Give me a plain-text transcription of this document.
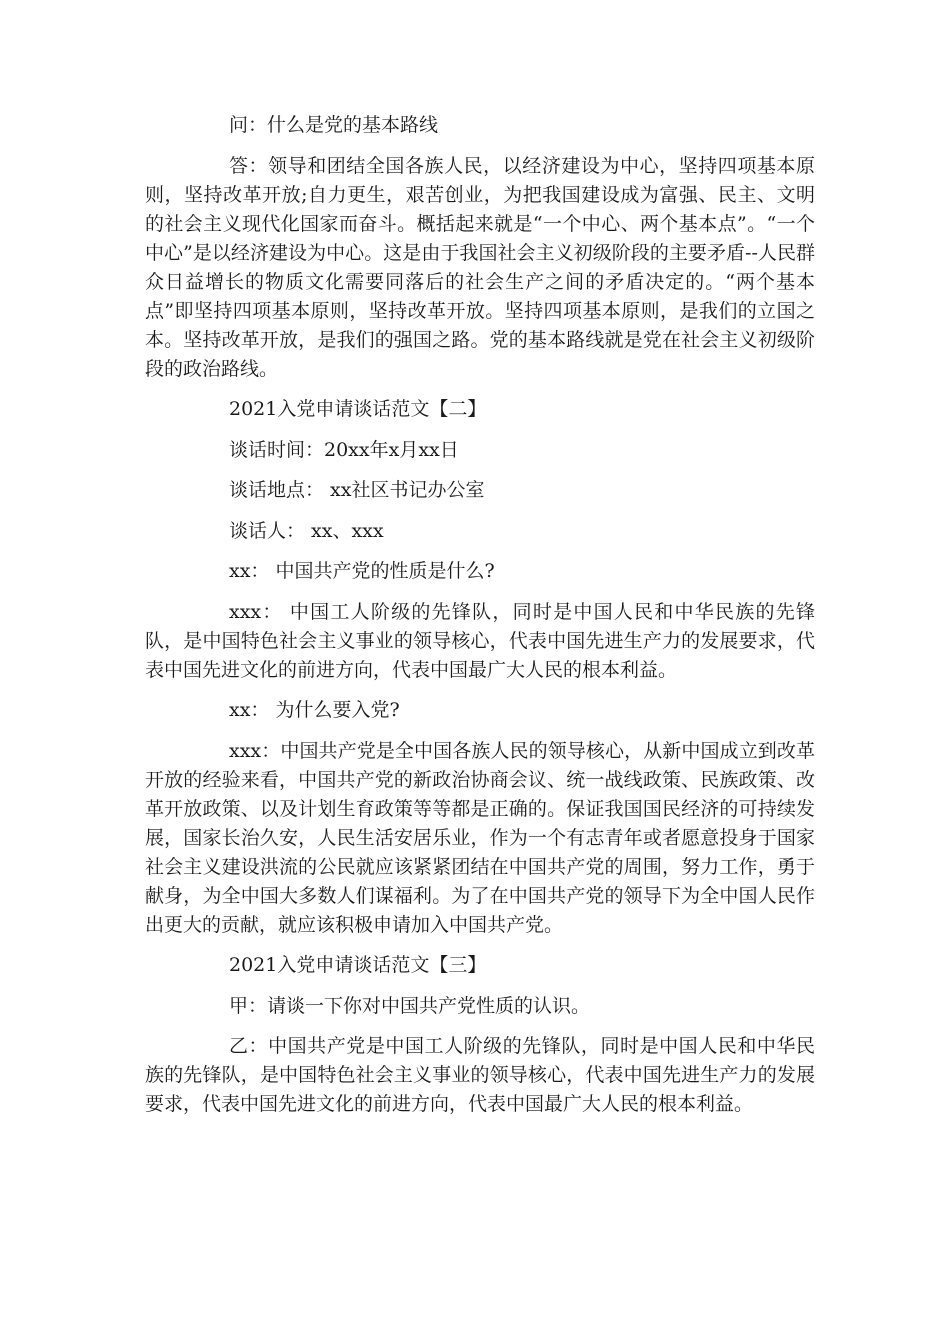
问：什么是党的基本路线

答：领导和团结全国各族人民，以经济建设为中心，坚持四项基本原则，坚持改革开放;自力更生，艰苦创业，为把我国建设成为富强、民主、文明的社会主义现代化国家而奋斗。概括起来就是“一个中心、两个基本点”。“一个中心”是以经济建设为中心。这是由于我国社会主义初级阶段的主要矛盾--人民群众日益增长的物质文化需要同落后的社会生产之间的矛盾决定的。“两个基本点”即坚持四项基本原则，坚持改革开放。坚持四项基本原则，是我们的立国之本。坚持改革开放，是我们的强国之路。党的基本路线就是党在社会主义初级阶段的政治路线。

2021入党申请谈话范文【二】

谈话时间：20xx年x月xx日

谈话地点： xx社区书记办公室

谈话人： xx、xxx

xx： 中国共产党的性质是什么?

xxx： 中国工人阶级的先锋队，同时是中国人民和中华民族的先锋队，是中国特色社会主义事业的领导核心，代表中国先进生产力的发展要求，代表中国先进文化的前进方向，代表中国最广大人民的根本利益。

xx： 为什么要入党?

xxx：中国共产党是全中国各族人民的领导核心，从新中国成立到改革开放的经验来看，中国共产党的新政治协商会议、统一战线政策、民族政策、改革开放政策、以及计划生育政策等等都是正确的。保证我国国民经济的可持续发展，国家长治久安，人民生活安居乐业，作为一个有志青年或者愿意投身于国家社会主义建设洪流的公民就应该紧紧团结在中国共产党的周围，努力工作，勇于献身，为全中国大多数人们谋福利。为了在中国共产党的领导下为全中国人民作出更大的贡献，就应该积极申请加入中国共产党。

2021入党申请谈话范文【三】

甲：请谈一下你对中国共产党性质的认识。

乙：中国共产党是中国工人阶级的先锋队，同时是中国人民和中华民族的先锋队，是中国特色社会主义事业的领导核心，代表中国先进生产力的发展要求，代表中国先进文化的前进方向，代表中国最广大人民的根本利益。
